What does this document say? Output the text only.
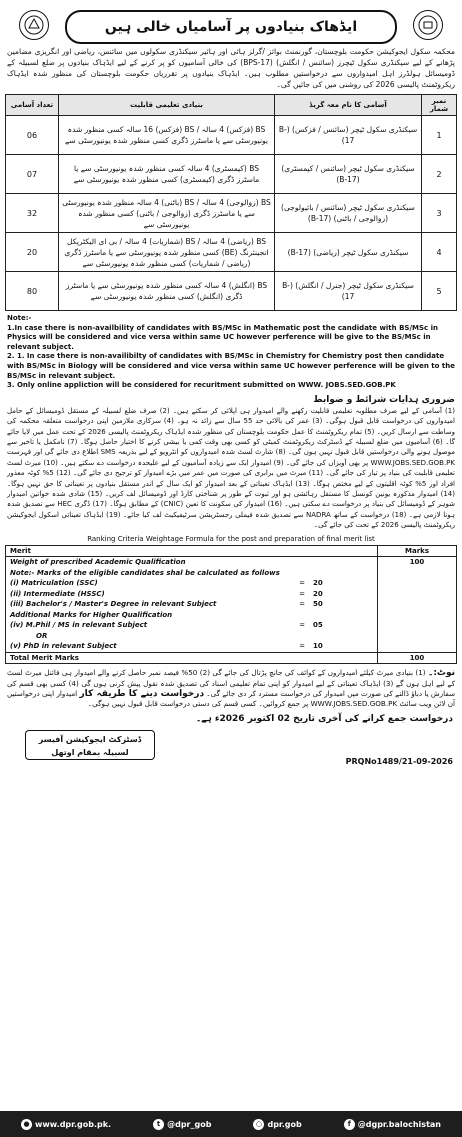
ایڈھاک بنیادوں پر آسامیاں خالی ہیں
محکمہ سکول ایجوکیشن حکومت بلوچستان، گورنمنٹ بوائز /گرلز ہائی اور ہائیر سیکنڈری سکولوں میں سائنس، ریاضی اور انگریزی مضامین پڑھانے کے لیے سیکنڈری سکول ٹیچرز (سائنس / انگلش) (BPS-17) کی خالی آسامیوں کو پر کرنے کے لیے ایڈہاک بنیادوں پر ضلع لسبیلہ کے ڈومیسائل ہولڈرز اہل امیدواروں سے درخواستیں مطلوب ہیں۔ ایڈہاک بنیادوں پر تقرریاں حکومت بلوچستان کی منظور شدہ ایڈہاک ریکروٹمنٹ پالیسی 2026 کی روشنی میں کی جائیں گی۔
تعداد آسامی	بنیادی تعلیمی قابلیت	آسامی کا نام معہ گریڈ	نمبر شمار
06	BS (فزکس) 4 سالہ / BS (فزکس) 16 سالہ کسی منظور شدہ یونیورسٹی سے یا ماسٹرز ڈگری کسی منظور شدہ یونیورسٹی سے	سیکنڈری سکول ٹیچر (سائنس / فزکس) (B-17)	1
07	BS (کیمسٹری) 4 سالہ کسی منظور شدہ یونیورسٹی سے یا ماسٹرز ڈگری (کیمسٹری) کسی منظور شدہ یونیورسٹی سے	سیکنڈری سکول ٹیچر (سائنس / کیمسٹری) (B-17)	2
32	BS (زوالوجی) 4 سالہ / BS (باٹنی) 4 سالہ منظور شدہ یونیورسٹی سے یا ماسٹرز ڈگری (زوالوجی / باٹنی) کسی منظور شدہ یونیورسٹی سے	سیکنڈری سکول ٹیچر (سائنس / بائیولوجی) (زوالوجی / باٹنی) (B-17)	3
20	BS (ریاضی) 4 سالہ / BS (شماریات) 4 سالہ / بی ای الیکٹریکل انجینئرنگ (BE) کسی منظور شدہ یونیورسٹی سے یا ماسٹرز ڈگری (ریاضی / شماریات) کسی منظور شدہ یونیورسٹی سے	سیکنڈری سکول ٹیچر (ریاضی) (B-17)	4
80	BS (انگلش) 4 سالہ کسی منظور شدہ یونیورسٹی سے یا ماسٹرز ڈگری (انگلش) کسی منظور شدہ یونیورسٹی سے	سیکنڈری سکول ٹیچر (جنرل / انگلش) (B-17)	5

Note:-

1.In case there is non-availbility of candidates with BS/MSc in Mathematic post the candidate with BS/MSc in Physics will be considered and vice versa within same UC however perference will be give to the BS/MSc in relevant subject.

2. 1. In case there is non-availibilty of candidates with BS/MSc in Chemistry for Chemistry post then candidate with BS/MSc in Biology will be considered and vice versa within same UC however perference will be given to the BS/MSc in relevant subject.

3. Only online appliction will be considered for recuritment submitted on WWW. JOBS.SED.GOB.PK

ضروری ہدایات شرائط و ضوابط
(1) آسامی کے لیے صرف مطلوبہ تعلیمی قابلیت رکھنے والے امیدوار ہی اپلائی کر سکتے ہیں۔ (2) صرف ضلع لسبیلہ کے مستقل ڈومیسائل کے حامل امیدواروں کی درخواست قابل قبول ہوگی۔ (3) عمر کی بالائی حد 55 سال سے زائد نہ ہو۔ (4) سرکاری ملازمین اپنی درخواست متعلقہ محکمہ کی وساطت سے ارسال کریں۔ (5) تمام ریکروٹمنٹ کا عمل حکومت بلوچستان کی منظور شدہ ایڈہاک ریکروٹمنٹ پالیسی 2026 کے تحت عمل میں لایا جائے گا۔ (6) آسامیوں میں ضلع لسبیلہ کے ڈسٹرکٹ ریکروٹمنٹ کمیٹی کو کسی بھی وقت کمی یا بیشی کرنے کا اختیار حاصل ہوگا۔ (7) نامکمل یا تاخیر سے موصول ہونے والی درخواستیں قابل قبول نہیں ہوں گی۔ (8) شارٹ لسٹ شدہ امیدواروں کو انٹرویو کے لیے بذریعہ SMS اطلاع دی جائے گی اور فہرست WWW.JOBS.SED.GOB.PK پر بھی آویزاں کی جائے گی۔ (9) امیدوار ایک سے زیادہ آسامیوں کے لیے علیحدہ درخواست دے سکتے ہیں۔ (10) میرٹ لسٹ تعلیمی قابلیت کی بنیاد پر تیار کی جائے گی۔ (11) میرٹ میں برابری کی صورت میں عمر میں بڑے امیدوار کو ترجیح دی جائے گی۔ (12) 5% کوٹہ معذور افراد اور 5% کوٹہ اقلیتوں کے لیے مختص ہوگا۔ (13) ایڈہاک تعیناتی کے بعد امیدوار کو ایک سال کے اندر مستقل بنیادوں پر تعیناتی کا حق نہیں ہوگا۔ (14) امیدوار مذکورہ یونین کونسل کا مستقل رہائشی ہو اور ثبوت کے طور پر شناختی کارڈ اور ڈومیسائل لف کریں۔ (15) شادی شدہ خواتین امیدوار شوہر کے ڈومیسائل کی بنیاد پر درخواست دے سکتی ہیں۔ (16) امیدوار کی سکونت کا تعین (CNIC) کے مطابق ہوگا۔ (17) ڈگری HEC سے تصدیق شدہ ہونا لازمی ہے۔ (18) درخواست کے ساتھ NADRA سے تصدیق شدہ فیملی رجسٹریشن سرٹیفیکیٹ لف کیا جائے۔ (19) ایڈہاک تعیناتی اسکول ایجوکیشن ریکروٹمنٹ پالیسی 2026 کے تحت کی جائے گی۔
Ranking Criteria Weightage Formula for the post and preparation of final merit list
Merit	Marks
Weight of prescribed Academic Qualification	100
Note:- Marks of the eligible candidates shal be calculated as follows	

(i) Matriculation (SSC) = 20	

(ii) Intermediate (HSSC) = 20	

(iii) Bachelor's / Master's Degree in relevant Subject = 50	

Additional Marks for Higher Qualification	

(iv) M.Phil / MS in relevant Subject = 05	

OR	

(v) PhD in relevant Subject = 10	

Total Merit Marks	100
نوٹ:۔ (1) بنیادی میرٹ کیلئے امیدواروں کے کوائف کی جانچ پڑتال کی جائے گی (2) 50% فیصد نمبر حاصل کرنے والے امیدوار ہی فائنل میرٹ لسٹ کے لیے اہل ہوں گے (3) ایڈہاک تعیناتی کے لیے امیدوار کو اپنی تمام تعلیمی اسناد کی تصدیق شدہ نقول پیش کرنی ہوں گی (4) کسی بھی قسم کی سفارش یا دباؤ ڈالنے کی صورت میں امیدوار کی درخواست مسترد کر دی جائے گی۔ درخواست دینے کا طریقہ کار امیدوار اپنی درخواستیں آن لائن ویب سائٹ WWW.JOBS.SED.GOB.PK پر جمع کروائیں۔ کسی قسم کی دستی درخواست قابل قبول نہیں ہوگی۔
درخواست جمع کرانے کی آخری تاریخ 02 اکتوبر 2026ء ہے۔
ڈسٹرکٹ ایجوکیشن آفیسر
لسبیلہ بمقام اوتھل
PRQNo1489/21-09-2026
● www.dpr.gob.pk.	t @dpr_gob	○ dpr.gob	f @dgpr.balochistan
